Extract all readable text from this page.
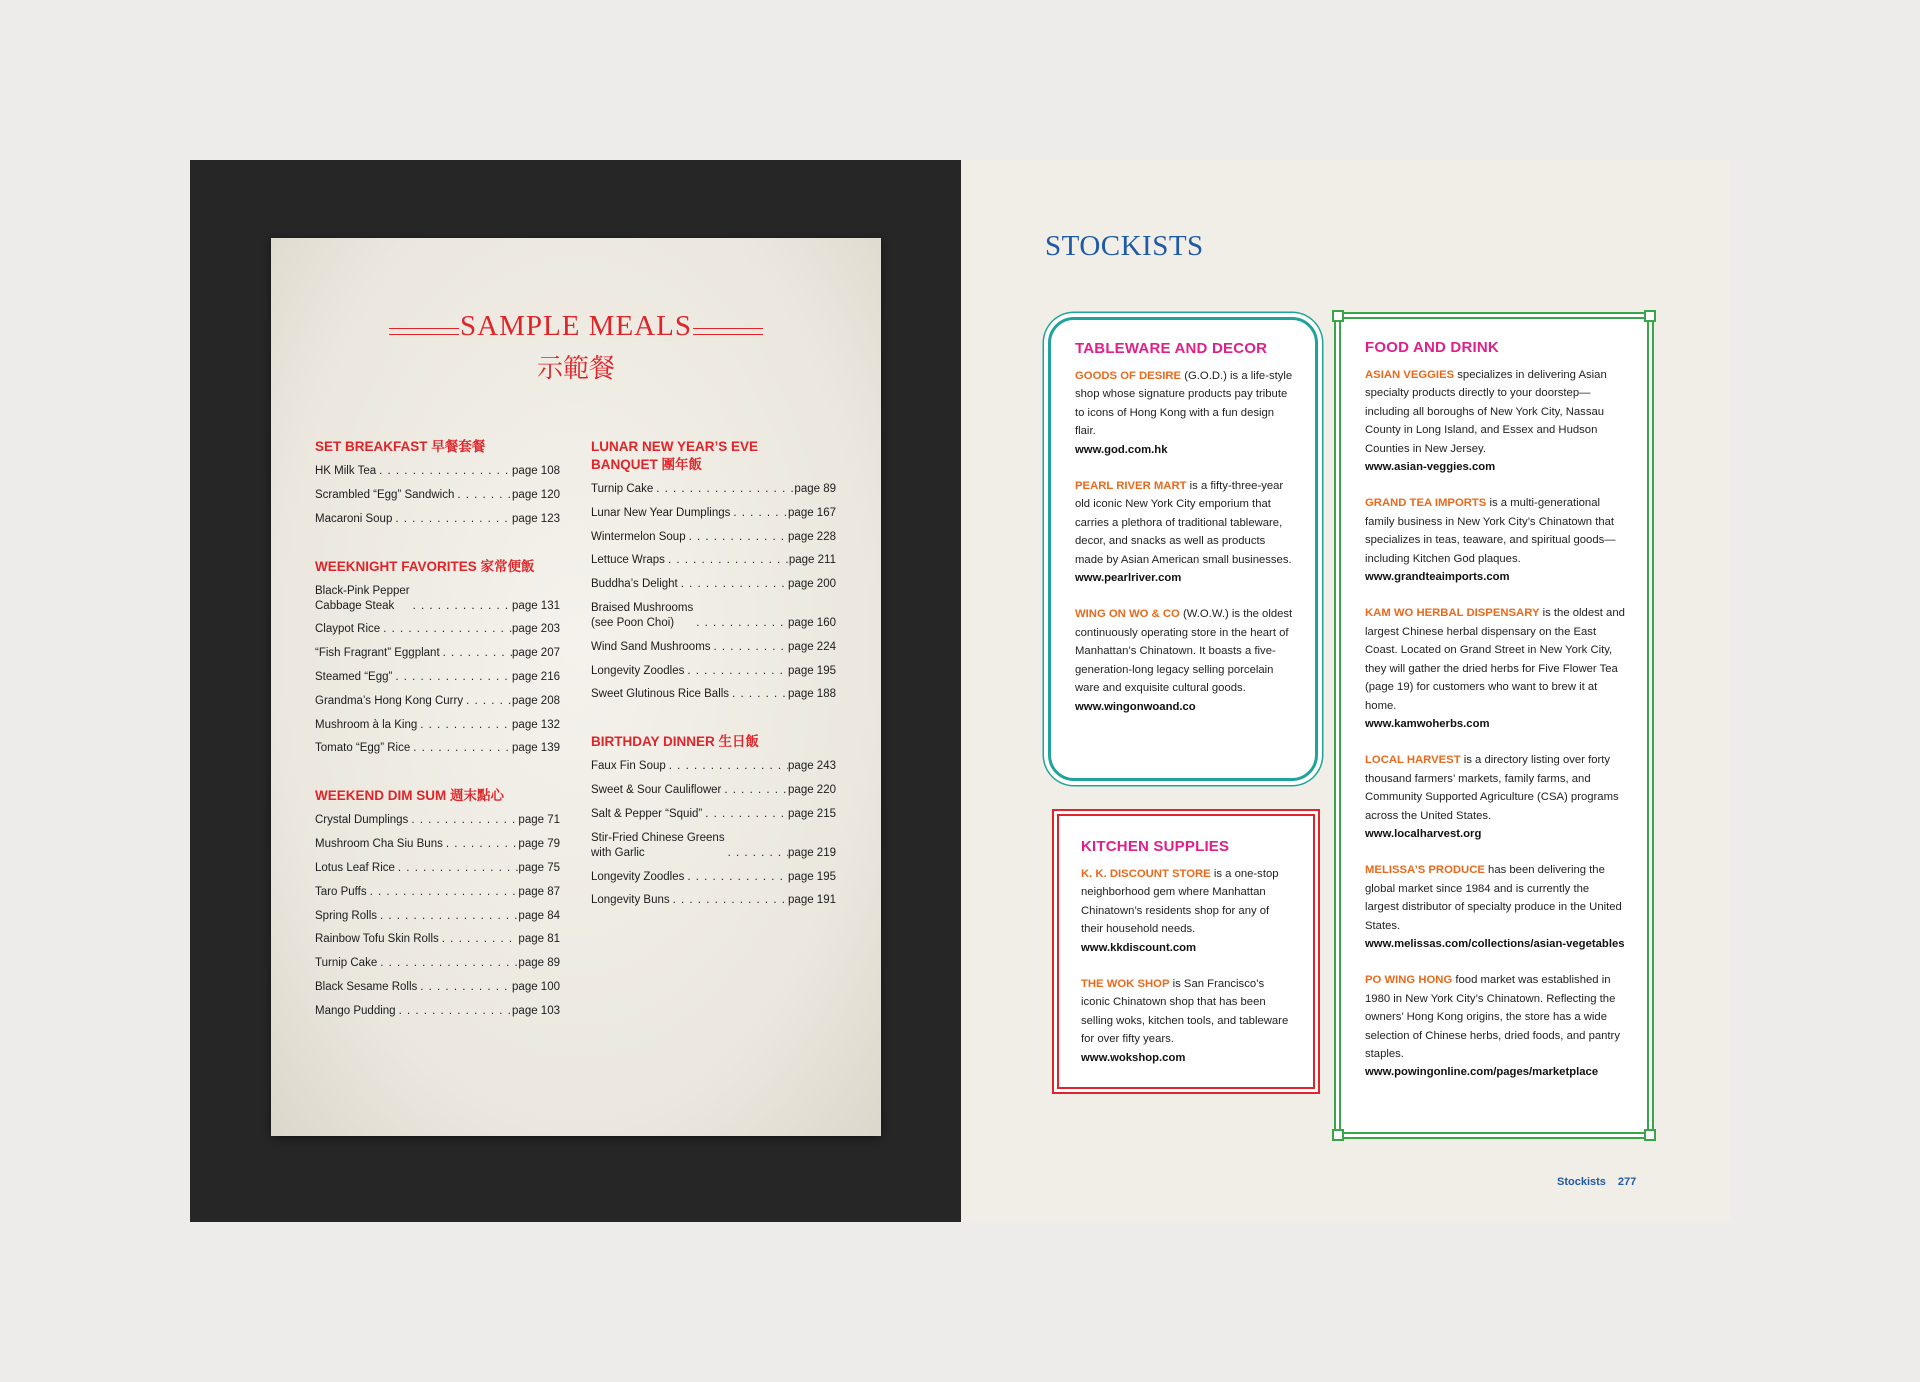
SAMPLE MEALS
示範餐
SET BREAKFAST 早餐套餐
HK Milk Tea . . .	page 108
Scrambled “Egg” Sandwich . . .	page 120
Macaroni Soup . . .	page 123
WEEKNIGHT FAVORITES 家常便飯
Black-Pink Pepper
Cabbage Steak . . .	page 131
Claypot Rice . . .	page 203
“Fish Fragrant” Eggplant . . .	page 207
Steamed “Egg” . . .	page 216
Grandma’s Hong Kong Curry . . .	page 208
Mushroom à la King . . .	page 132
Tomato “Egg” Rice . . .	page 139
WEEKEND DIM SUM 週末點心
Crystal Dumplings . . .	page 71
Mushroom Cha Siu Buns . . .	page 79
Lotus Leaf Rice . . .	page 75
Taro Puffs . . .	page 87
Spring Rolls . . .	page 84
Rainbow Tofu Skin Rolls . . .	page 81
Turnip Cake . . .	page 89
Black Sesame Rolls . . .	page 100
Mango Pudding . . .	page 103
LUNAR NEW YEAR’S EVE
BANQUET 團年飯
Turnip Cake . . .	page 89
Lunar New Year Dumplings . . .	page 167
Wintermelon Soup . . .	page 228
Lettuce Wraps . . .	page 211
Buddha’s Delight . . .	page 200
Braised Mushrooms
(see Poon Choi) . . .	page 160
Wind Sand Mushrooms . . .	page 224
Longevity Zoodles . . .	page 195
Sweet Glutinous Rice Balls . . .	page 188
BIRTHDAY DINNER 生日飯
Faux Fin Soup . . .	page 243
Sweet & Sour Cauliflower . . .	page 220
Salt & Pepper “Squid” . . .	page 215
Stir-Fried Chinese Greens
with Garlic . . .	page 219
Longevity Zoodles . . .	page 195
Longevity Buns . . .	page 191
STOCKISTS
TABLEWARE AND DECOR
GOODS OF DESIRE (G.O.D.) is a life-style shop whose signature products pay tribute to icons of Hong Kong with a fun design flair.
www.god.com.hk
PEARL RIVER MART is a fifty-three-year old iconic New York City emporium that carries a plethora of traditional tableware, decor, and snacks as well as products made by Asian American small businesses.
www.pearlriver.com
WING ON WO & CO (W.O.W.) is the oldest continuously operating store in the heart of Manhattan’s Chinatown. It boasts a five-generation-long legacy selling porcelain ware and exquisite cultural goods.
www.wingonwoand.co
KITCHEN SUPPLIES
K. K. DISCOUNT STORE is a one-stop neighborhood gem where Manhattan Chinatown’s residents shop for any of their household needs.
www.kkdiscount.com
THE WOK SHOP is San Francisco’s iconic Chinatown shop that has been selling woks, kitchen tools, and tableware for over fifty years.
www.wokshop.com
FOOD AND DRINK
ASIAN VEGGIES specializes in delivering Asian specialty products directly to your doorstep—including all boroughs of New York City, Nassau County in Long Island, and Essex and Hudson Counties in New Jersey.
www.asian-veggies.com
GRAND TEA IMPORTS is a multi-generational family business in New York City’s Chinatown that specializes in teas, teaware, and spiritual goods—including Kitchen God plaques.
www.grandteaimports.com
KAM WO HERBAL DISPENSARY is the oldest and largest Chinese herbal dispensary on the East Coast. Located on Grand Street in New York City, they will gather the dried herbs for Five Flower Tea (page 19) for customers who want to brew it at home.
www.kamwoherbs.com
LOCAL HARVEST is a directory listing over forty thousand farmers’ markets, family farms, and Community Supported Agriculture (CSA) programs across the United States.
www.localharvest.org
MELISSA’S PRODUCE has been delivering the global market since 1984 and is currently the largest distributor of specialty produce in the United States.
www.melissas.com/collections/asian-vegetables
PO WING HONG food market was established in 1980 in New York City’s Chinatown. Reflecting the owners’ Hong Kong origins, the store has a wide selection of Chinese herbs, dried foods, and pantry staples.
www.powingonline.com/pages/marketplace
Stockists 277
